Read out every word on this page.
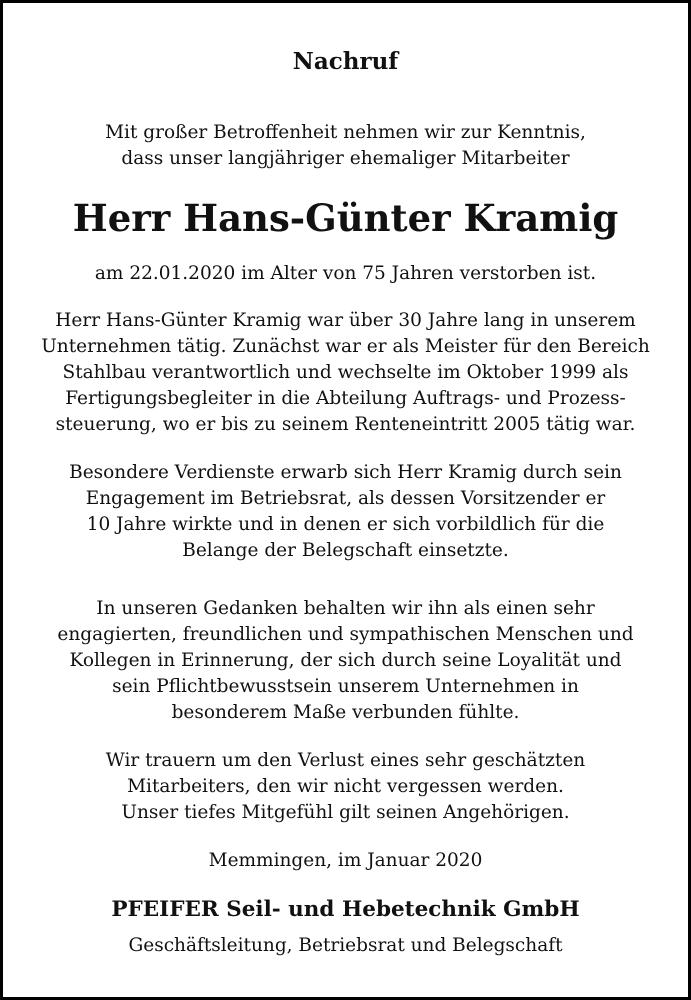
Nachruf

Mit großer Betroffenheit nehmen wir zur Kenntnis,

dass unser langjähriger ehemaliger Mitarbeiter

Herr Hans-Günter Kramig

am 22.01.2020 im Alter von 75 Jahren verstorben ist.

Herr Hans-Günter Kramig war über 30 Jahre lang in unserem

Unternehmen tätig. Zunächst war er als Meister für den Bereich

Stahlbau verantwortlich und wechselte im Oktober 1999 als

Fertigungsbegleiter in die Abteilung Auftrags- und Prozess-

steuerung, wo er bis zu seinem Renteneintritt 2005 tätig war.

Besondere Verdienste erwarb sich Herr Kramig durch sein

Engagement im Betriebsrat, als dessen Vorsitzender er

10 Jahre wirkte und in denen er sich vorbildlich für die

Belange der Belegschaft einsetzte.

In unseren Gedanken behalten wir ihn als einen sehr

engagierten, freundlichen und sympathischen Menschen und

Kollegen in Erinnerung, der sich durch seine Loyalität und

sein Pflichtbewusstsein unserem Unternehmen in

besonderem Maße verbunden fühlte.

Wir trauern um den Verlust eines sehr geschätzten

Mitarbeiters, den wir nicht vergessen werden.

Unser tiefes Mitgefühl gilt seinen Angehörigen.

Memmingen, im Januar 2020

PFEIFER Seil- und Hebetechnik GmbH

Geschäftsleitung, Betriebsrat und Belegschaft
